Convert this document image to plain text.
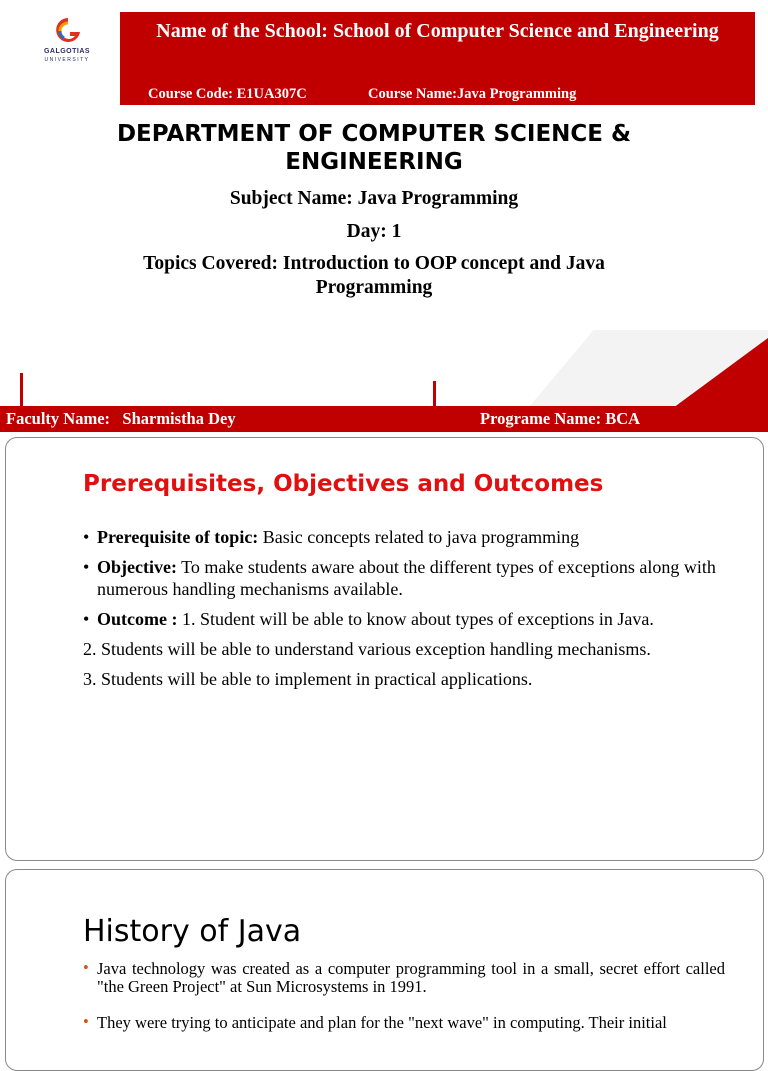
GALGOTIAS
UNIVERSITY
Name of the School: School of Computer Science and Engineering
Course Code: E1UA307C	Course Name:Java Programming
DEPARTMENT OF COMPUTER SCIENCE & ENGINEERING
Subject Name: Java Programming
Day: 1
Topics Covered: Introduction to OOP concept and Java Programming
Faculty Name:   Sharmistha Dey	Programe Name: BCA
Prerequisites, Objectives and Outcomes
• Prerequisite of topic: Basic concepts related to java programming
• Objective: To make students aware about the different types of exceptions along with numerous handling mechanisms available.
• Outcome : 1. Student will be able to know about types of exceptions in Java.
2. Students will be able to understand various exception handling mechanisms.
3. Students will be able to implement in practical applications.
History of Java
• Java technology was created as a computer programming tool in a small, secret effort called "the Green Project" at Sun Microsystems in 1991.
• They were trying to anticipate and plan for the "next wave" in computing. Their initial
